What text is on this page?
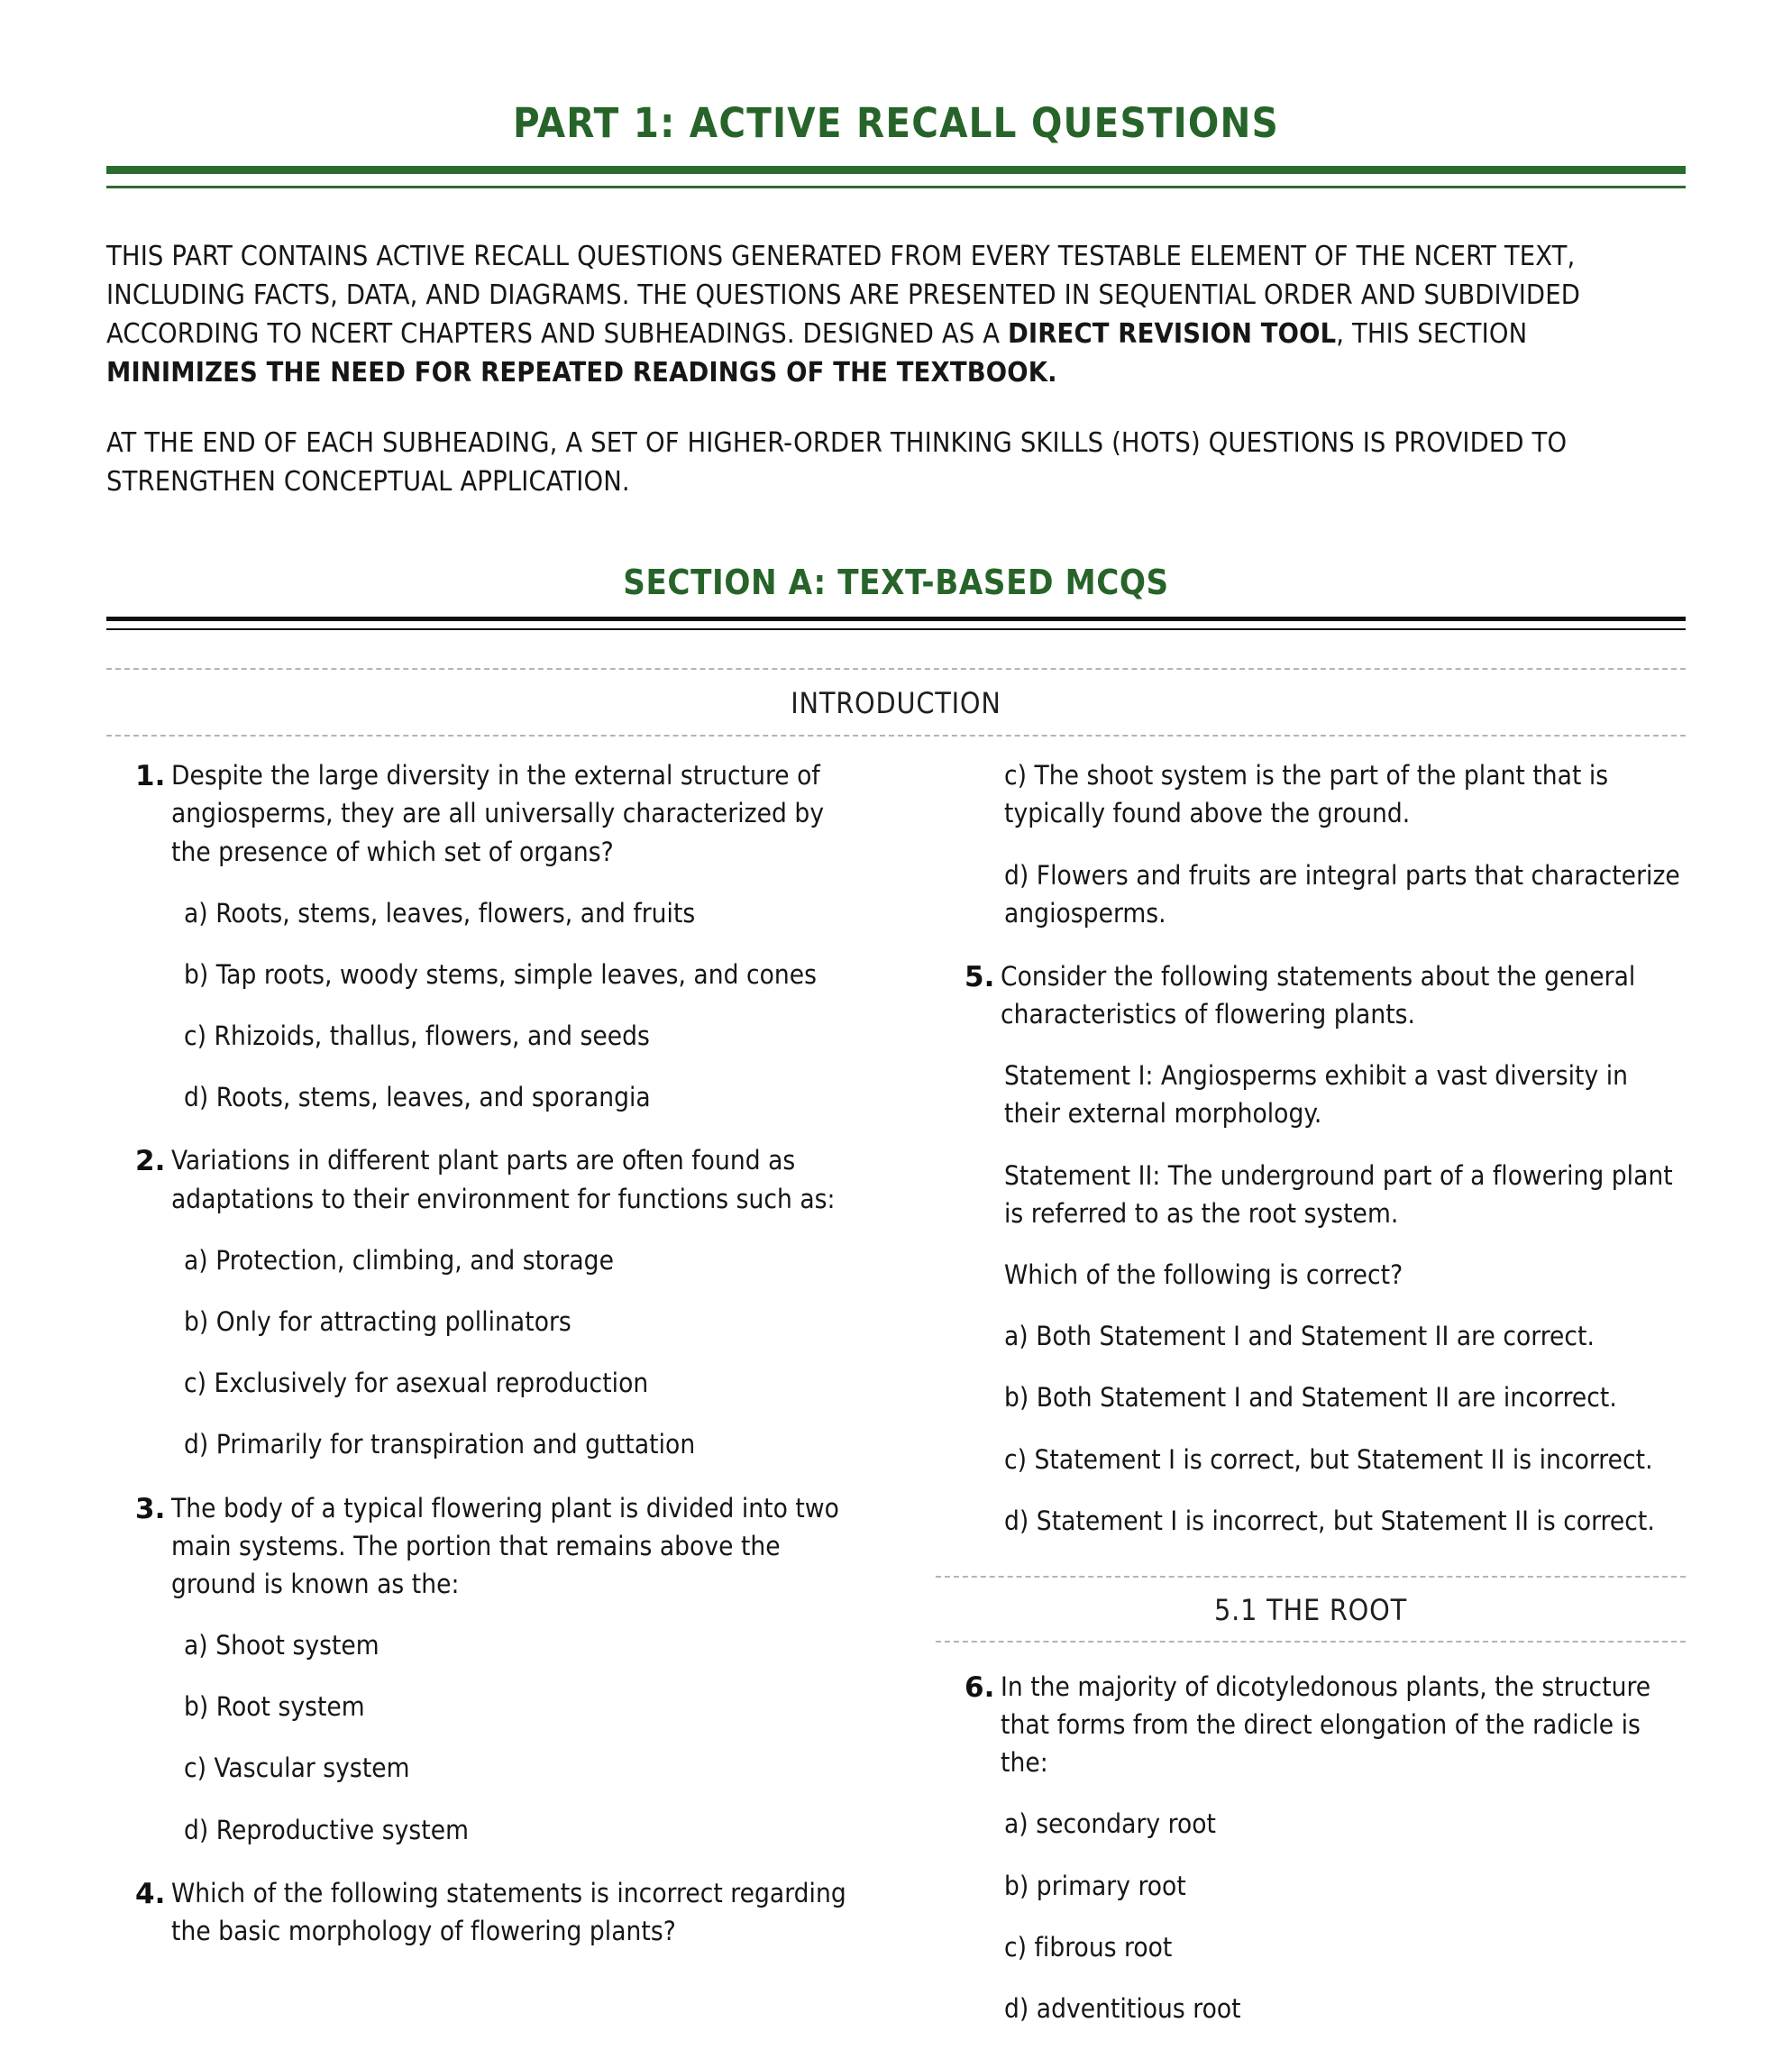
PART 1: ACTIVE RECALL QUESTIONS

THIS PART CONTAINS ACTIVE RECALL QUESTIONS GENERATED FROM EVERY TESTABLE ELEMENT OF THE NCERT TEXT, INCLUDING FACTS, DATA, AND DIAGRAMS. THE QUESTIONS ARE PRESENTED IN SEQUENTIAL ORDER AND SUBDIVIDED ACCORDING TO NCERT CHAPTERS AND SUBHEADINGS. DESIGNED AS A DIRECT REVISION TOOL, THIS SECTION MINIMIZES THE NEED FOR REPEATED READINGS OF THE TEXTBOOK.

AT THE END OF EACH SUBHEADING, A SET OF HIGHER-ORDER THINKING SKILLS (HOTS) QUESTIONS IS PROVIDED TO STRENGTHEN CONCEPTUAL APPLICATION.

SECTION A: TEXT-BASED MCQS
INTRODUCTION
1. Despite the large diversity in the external structure of angiosperms, they are all universally characterized by the presence of which set of organs?
a) Roots, stems, leaves, flowers, and fruits
b) Tap roots, woody stems, simple leaves, and cones
c) Rhizoids, thallus, flowers, and seeds
d) Roots, stems, leaves, and sporangia
2. Variations in different plant parts are often found as adaptations to their environment for functions such as:
a) Protection, climbing, and storage
b) Only for attracting pollinators
c) Exclusively for asexual reproduction
d) Primarily for transpiration and guttation
3. The body of a typical flowering plant is divided into two main systems. The portion that remains above the ground is known as the:
a) Shoot system
b) Root system
c) Vascular system
d) Reproductive system
4. Which of the following statements is incorrect regarding the basic morphology of flowering plants?
c) The shoot system is the part of the plant that is typically found above the ground.
d) Flowers and fruits are integral parts that characterize angiosperms.
5. Consider the following statements about the general characteristics of flowering plants.
Statement I: Angiosperms exhibit a vast diversity in their external morphology.
Statement II: The underground part of a flowering plant is referred to as the root system.
Which of the following is correct?
a) Both Statement I and Statement II are correct.
b) Both Statement I and Statement II are incorrect.
c) Statement I is correct, but Statement II is incorrect.
d) Statement I is incorrect, but Statement II is correct.
5.1 THE ROOT
6. In the majority of dicotyledonous plants, the structure that forms from the direct elongation of the radicle is the:
a) secondary root
b) primary root
c) fibrous root
d) adventitious root
